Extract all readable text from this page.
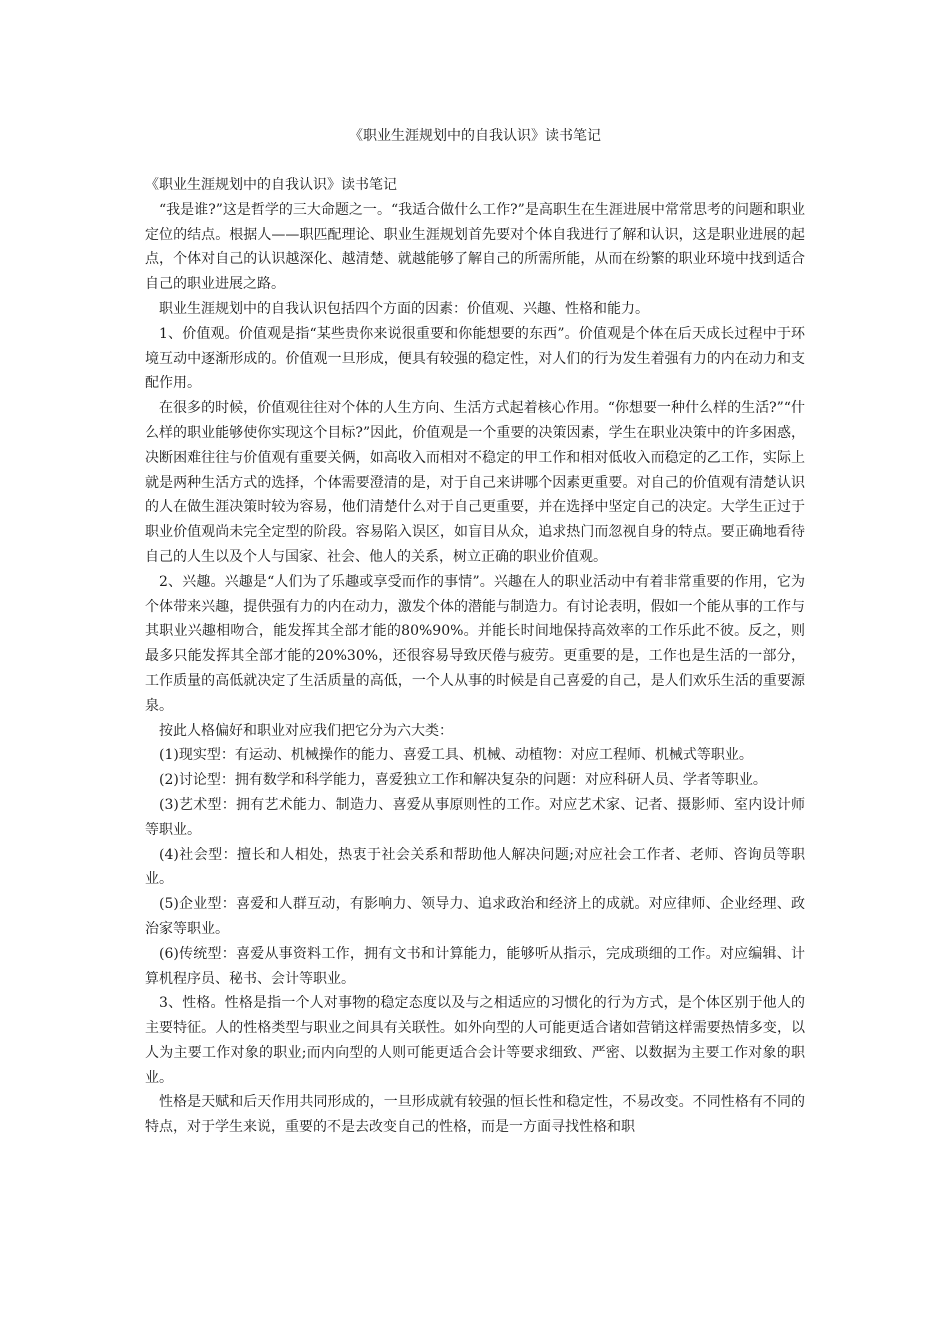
《职业生涯规划中的自我认识》读书笔记

《职业生涯规划中的自我认识》读书笔记

“我是谁?”这是哲学的三大命题之一。“我适合做什么工作?”是高职生在生涯进展中常常思考的问题和职业定位的结点。根据人——职匹配理论、职业生涯规划首先要对个体自我进行了解和认识，这是职业进展的起点，个体对自己的认识越深化、越清楚、就越能够了解自己的所需所能，从而在纷繁的职业环境中找到适合自己的职业进展之路。

职业生涯规划中的自我认识包括四个方面的因素：价值观、兴趣、性格和能力。

1、价值观。价值观是指“某些贵你来说很重要和你能想要的东西”。价值观是个体在后天成长过程中于环境互动中逐渐形成的。价值观一旦形成，便具有较强的稳定性，对人们的行为发生着强有力的内在动力和支配作用。

在很多的时候，价值观往往对个体的人生方向、生活方式起着核心作用。“你想要一种什么样的生活?”“什么样的职业能够使你实现这个目标?”因此，价值观是一个重要的决策因素，学生在职业决策中的许多困惑，决断困难往往与价值观有重要关俩，如高收入而相对不稳定的甲工作和相对低收入而稳定的乙工作，实际上就是两种生活方式的选择，个体需要澄清的是，对于自己来讲哪个因素更重要。对自己的价值观有清楚认识的人在做生涯决策时较为容易，他们清楚什么对于自己更重要，并在选择中坚定自己的决定。大学生正过于职业价值观尚未完全定型的阶段。容易陷入误区，如盲目从众，追求热门而忽视自身的特点。要正确地看待自己的人生以及个人与国家、社会、他人的关系，树立正确的职业价值观。

2、兴趣。兴趣是“人们为了乐趣或享受而作的事情”。兴趣在人的职业活动中有着非常重要的作用，它为个体带来兴趣，提供强有力的内在动力，激发个体的潜能与制造力。有讨论表明，假如一个能从事的工作与其职业兴趣相吻合，能发挥其全部才能的80%90%。并能长时间地保持高效率的工作乐此不彼。反之，则最多只能发挥其全部才能的20%30%，还很容易导致厌倦与疲劳。更重要的是，工作也是生活的一部分，工作质量的高低就决定了生活质量的高低，一个人从事的时候是自己喜爱的自己，是人们欢乐生活的重要源泉。

按此人格偏好和职业对应我们把它分为六大类：

(1)现实型：有运动、机械操作的能力、喜爱工具、机械、动植物：对应工程师、机械式等职业。

(2)讨论型：拥有数学和科学能力，喜爱独立工作和解决复杂的问题：对应科研人员、学者等职业。

(3)艺术型：拥有艺术能力、制造力、喜爱从事原则性的工作。对应艺术家、记者、摄影师、室内设计师等职业。

(4)社会型：擅长和人相处，热衷于社会关系和帮助他人解决问题;对应社会工作者、老师、咨询员等职业。

(5)企业型：喜爱和人群互动，有影响力、领导力、追求政治和经济上的成就。对应律师、企业经理、政治家等职业。

(6)传统型：喜爱从事资料工作，拥有文书和计算能力，能够听从指示，完成琐细的工作。对应编辑、计算机程序员、秘书、会计等职业。

3、性格。性格是指一个人对事物的稳定态度以及与之相适应的习惯化的行为方式，是个体区别于他人的主要特征。人的性格类型与职业之间具有关联性。如外向型的人可能更适合诸如营销这样需要热情多变，以人为主要工作对象的职业;而内向型的人则可能更适合会计等要求细致、严密、以数据为主要工作对象的职业。

性格是天赋和后天作用共同形成的，一旦形成就有较强的恒长性和稳定性，不易改变。不同性格有不同的特点，对于学生来说，重要的不是去改变自己的性格，而是一方面寻找性格和职
